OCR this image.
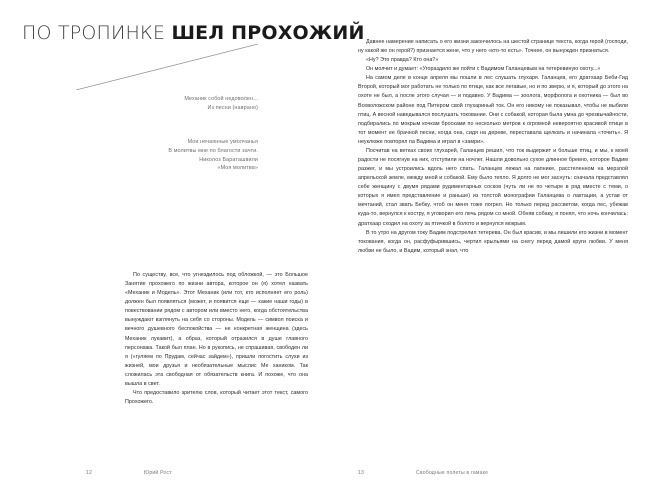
ПО ТРОПИНКЕ ШЕЛ ПРОХОЖИЙ
Механик собой недоволен...
Из песни (наврано)
Мои нечаянные умолчанья
В молитвы мне по благости зачти.
Николоз Бараташвили
«Моя молитва»

По существу, все, что угнездилось под обложкой, — это Большое Занятие прохожего по жизни автора, которое он (я) хотел назвать «Механик и Модель». Этот Механик (или тот, кто исполняет его роль) должен был появляться (может, и появится еще — какие наши годы) в повествовании рядом с автором или вместо него, когда обстоятельства вынуждают взглянуть на себя со стороны. Модель — символ поиска и вечного душевного беспокойства — не конкретная женщина (здесь Механик лукавит), а образ, который отразился в душе главного персонажа. Такой был план. Но в рукопись, не спрашивая, свободен ли я («гуляем по Прудам, сейчас зайдем»), пришли погостить слухи из жизней, мои друзья и необязательные мыслис Ме хаником. Так сложилась эта свободная от обязательств книга. И похоже, что она вышла в свет.

Что предоставило зрителю слов, который читает этот текст, самого Прохожего.

12	Юрий Рост

Давнее намерение написать о его жизни закончилось на шестой странице текста, когда герой (господи, ну какой же он герой?) признается жене, что у него «кто-то есть». Точнее, он вынужден признаться.

«Ну? Это правда? Кто она?»

Он молчит и думает: «Угораздило же пойти с Вадимом Галанцевым на тетеревиную охоту...»

На самом деле в конце апреля мы пошли в лес слушать глухаря. Галанцев, его дратхаар Беби-Гид Второй, который мог работать не только по птице, как все легавые, но и по зверю, и я, который до этого на охоте не был, а после этого случая — и подавно. У Вадима — зоолога, морфолога и охотника — был во Всеволожском районе под Питером свой глухариный ток. Он его никому не показывал, чтобы не выбили птиц. А весной наведывался послушать токование. Они с собакой, которая была умна до чрезвычайности, подбирались по мокрым кочкам бросками по несколько метров к огромной невероятно красивой птице в тот момент ее брачной песни, когда она, сидя на дереве, переставала щелкать и начинала «точить». Я неуклюже повторял па Вадима и играл в «замри».

Посчитав на ветках своих глухарей, Галанцев решил, что ток выдержит и больше птиц, и мы, к моей радости не посягнув на них, отступили на ночлег. Нашли довольно сухое длинное бревно, которое Вадим разжег, и мы устроились вдоль него спать. Галанцев лежал на лапнике, расстеленном на мерзлой апрельской земле, между мной и собакой. Ему было тепло. Я долго не мог заснуть: сначала представлял себе женщину с двумя рядами рудиментарных сосков (чуть ли не по четыре в ряд вместе с теми, о которых я имел представление и раньше) из толстой монографии Галанцева о лактации, а устав от мечтаний, стал звать Бебку, чтоб он меня тоже погрел. Но только перед рассветом, когда пес, убежав куда-то, вернулся к костру, я уговорил его лечь рядом со мной. Обняв собаку, я понял, что ночь кончилась: дратхаар сходил на охоту за птичкой в болото и вернулся мокрым.

В то утро на другом току Вадим подстрелил тетерева. Он был красив, и мы лишили его жизни в момент токования, когда он, расфуфырившись, чертил крыльями на снегу перед дамой круги любви. У меня любви не было, и Вадим, который знал, что

13	Свободные полеты в гамаке
